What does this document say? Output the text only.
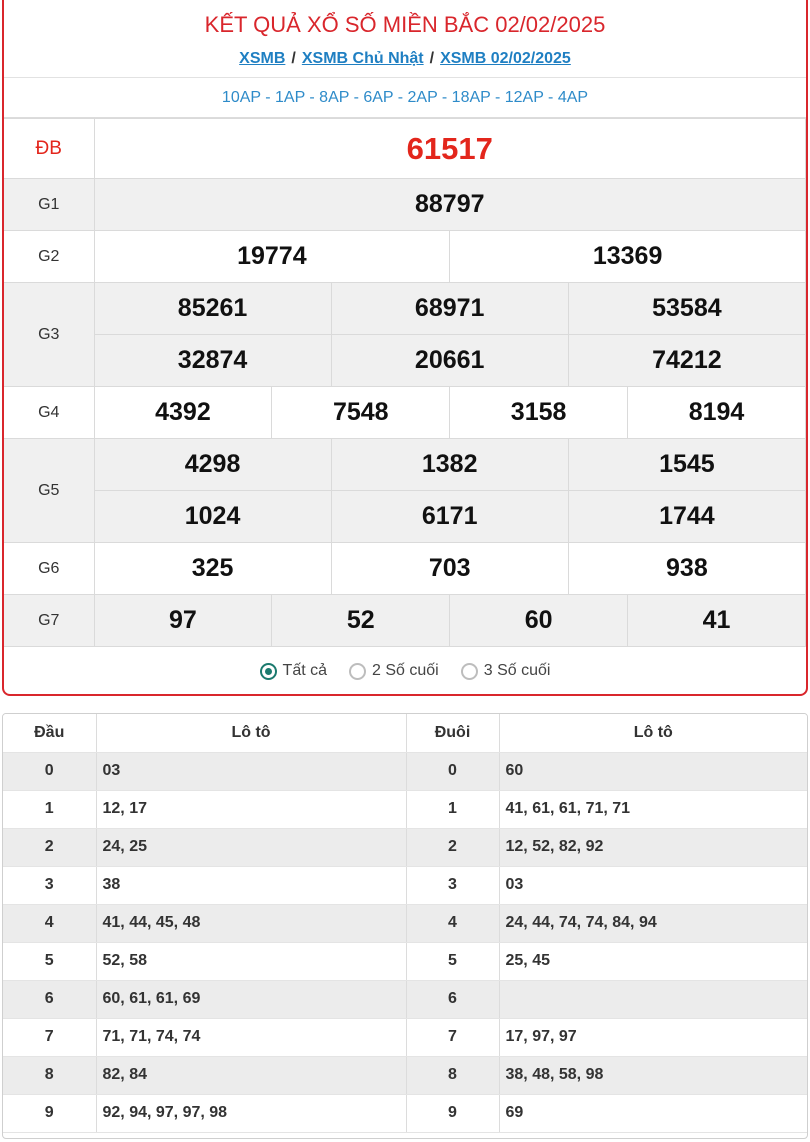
KẾT QUẢ XỔ SỐ MIỀN BẮC 02/02/2025
XSMB / XSMB Chủ Nhật / XSMB 02/02/2025
10AP - 1AP - 8AP - 6AP - 2AP - 18AP - 12AP - 4AP
ĐB	61517					
G1	88797					
G2	19774			13369		
G3	85261		68971		53584	
	32874		20661		74212	
G4	4392	7548		3158		8194
G5	4298		1382		1545	
	1024		6171		1744	
G6	325		703		938	
G7	97	52		60		41
Tất cả	2 Số cuối	3 Số cuối
Đầu	Lô tô	Đuôi	Lô tô
0	03	0	60
1	12, 17	1	41, 61, 61, 71, 71
2	24, 25	2	12, 52, 82, 92
3	38	3	03
4	41, 44, 45, 48	4	24, 44, 74, 74, 84, 94
5	52, 58	5	25, 45
6	60, 61, 61, 69	6	
7	71, 71, 74, 74	7	17, 97, 97
8	82, 84	8	38, 48, 58, 98
9	92, 94, 97, 97, 98	9	69
